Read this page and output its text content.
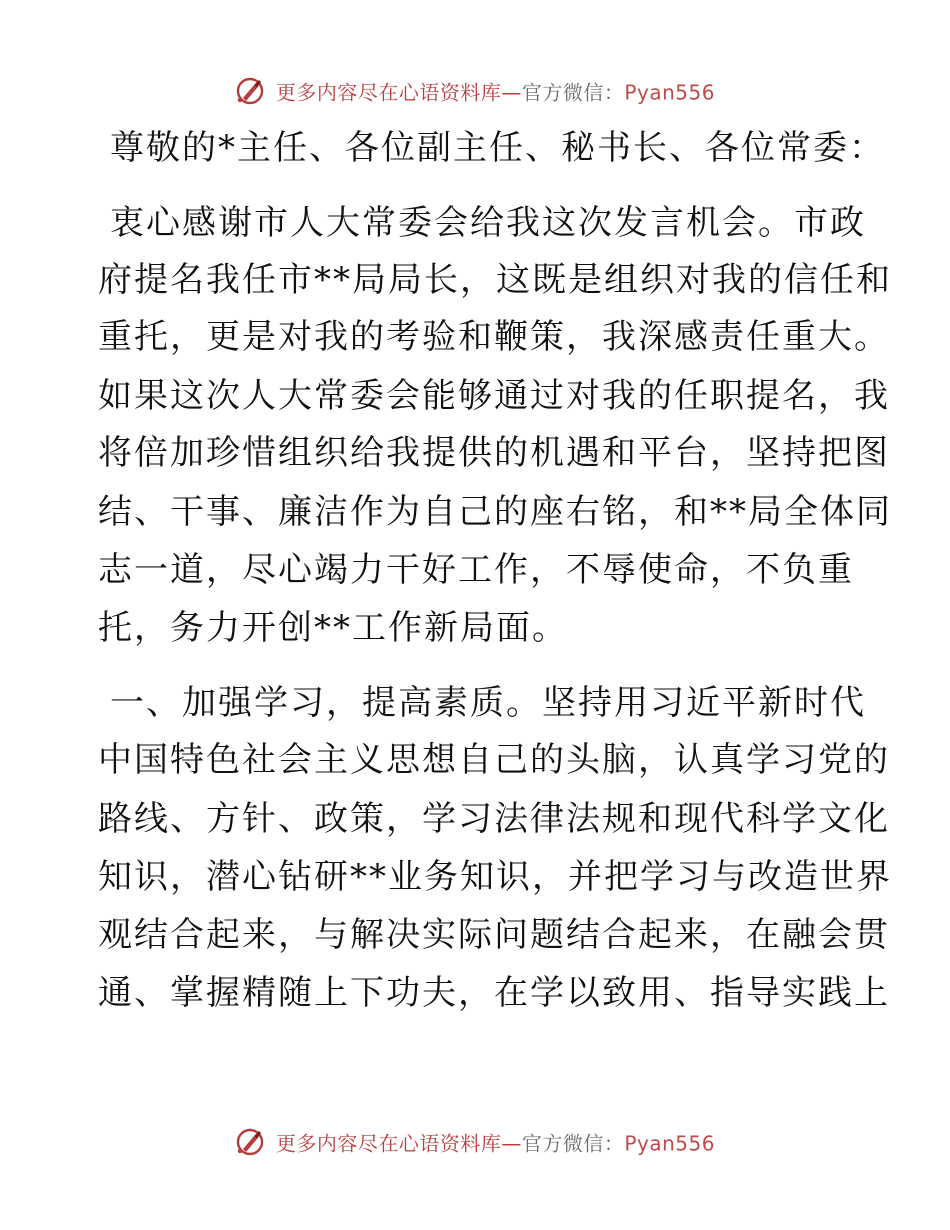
更多内容尽在心语资料库—官方微信：Pyan556
尊敬的*主任、各位副主任、秘书长、各位常委：
衷心感谢市人大常委会给我这次发言机会。市政
府提名我任市**局局长，这既是组织对我的信任和
重托，更是对我的考验和鞭策，我深感责任重大。
如果这次人大常委会能够通过对我的任职提名，我
将倍加珍惜组织给我提供的机遇和平台，坚持把图
结、干事、廉洁作为自己的座右铭，和**局全体同
志一道，尽心竭力干好工作，不辱使命，不负重
托，务力开创**工作新局面。
一、加强学习，提高素质。坚持用习近平新时代
中国特色社会主义思想自己的头脑，认真学习党的
路线、方针、政策，学习法律法规和现代科学文化
知识，潜心钻研**业务知识，并把学习与改造世界
观结合起来，与解决实际问题结合起来，在融会贯
通、掌握精随上下功夫，在学以致用、指导实践上
更多内容尽在心语资料库—官方微信：Pyan556
